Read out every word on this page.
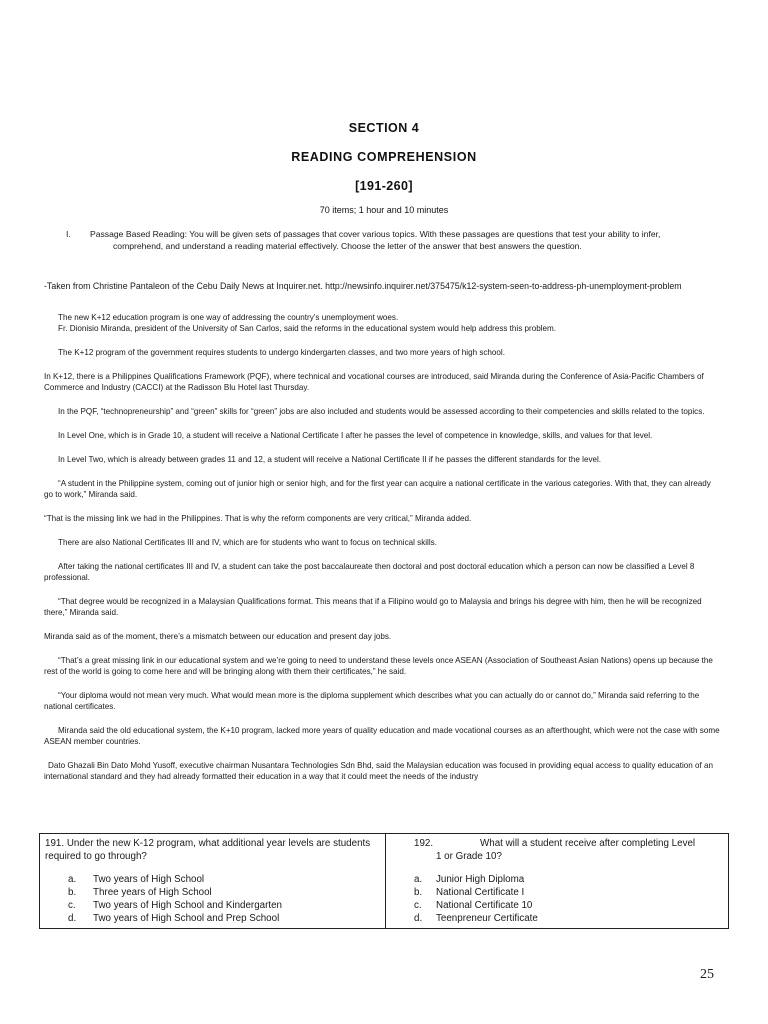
SECTION 4
READING COMPREHENSION
[191-260]
70 items; 1 hour and 10 minutes
I. Passage Based Reading: You will be given sets of passages that cover various topics. With these passages are questions that test your ability to infer,
comprehend, and understand a reading material effectively. Choose the letter of the answer that best answers the question.
-Taken from Christine Pantaleon of the Cebu Daily News at Inquirer.net. http://newsinfo.inquirer.net/375475/k12-system-seen-to-address-ph-unemployment-problem

The new K+12 education program is one way of addressing the country’s unemployment woes.

Fr. Dionisio Miranda, president of the University of San Carlos, said the reforms in the educational system would help address this problem.

The K+12 program of the government requires students to undergo kindergarten classes, and two more years of high school.

In K+12, there is a Philippines Qualifications Framework (PQF), where technical and vocational courses are introduced, said Miranda during the Conference of Asia-Pacific Chambers of Commerce and Industry (CACCI) at the Radisson Blu Hotel last Thursday.

In the PQF, “technopreneurship” and “green” skills for “green” jobs are also included and students would be assessed according to their competencies and skills related to the topics.

In Level One, which is in Grade 10, a student will receive a National Certificate I after he passes the level of competence in knowledge, skills, and values for that level.

In Level Two, which is already between grades 11 and 12, a student will receive a National Certificate II if he passes the different standards for the level.

“A student in the Philippine system, coming out of junior high or senior high, and for the first year can acquire a national certificate in the various categories. With that, they can already go to work,” Miranda said.

“That is the missing link we had in the Philippines. That is why the reform components are very critical,” Miranda added.

There are also National Certificates III and IV, which are for students who want to focus on technical skills.

After taking the national certificates III and IV, a student can take the post baccalaureate then doctoral and post doctoral education which a person can now be classified a Level 8 professional.

“That degree would be recognized in a Malaysian Qualifications format. This means that if a Filipino would go to Malaysia and brings his degree with him, then he will be recognized there,” Miranda said.

Miranda said as of the moment, there’s a mismatch between our education and present day jobs.

“That’s a great missing link in our educational system and we’re going to need to understand these levels once ASEAN (Association of Southeast Asian Nations) opens up because the rest of the world is going to come here and will be bringing along with them their certificates,” he said.

“Your diploma would not mean very much. What would mean more is the diploma supplement which describes what you can actually do or cannot do,” Miranda said referring to the national certificates.

Miranda said the old educational system, the K+10 program, lacked more years of quality education and made vocational courses as an afterthought, which were not the case with some ASEAN member countries.

Dato Ghazali Bin Dato Mohd Yusoff, executive chairman Nusantara Technologies Sdn Bhd, said the Malaysian education was focused in providing equal access to quality education of an international standard and they had already formatted their education in a way that it could meet the needs of the industry

191. Under the new K-12 program, what additional year levels are students required to go through?
a.	Two years of High School
b.	Three years of High School
c.	Two years of High School and Kindergarten
d.	Two years of High School and Prep School
192.	What will a student receive after completing Level
1 or Grade 10?
a.	Junior High Diploma
b.	National Certificate I
c.	National Certificate 10
d.	Teenpreneur Certificate
25
